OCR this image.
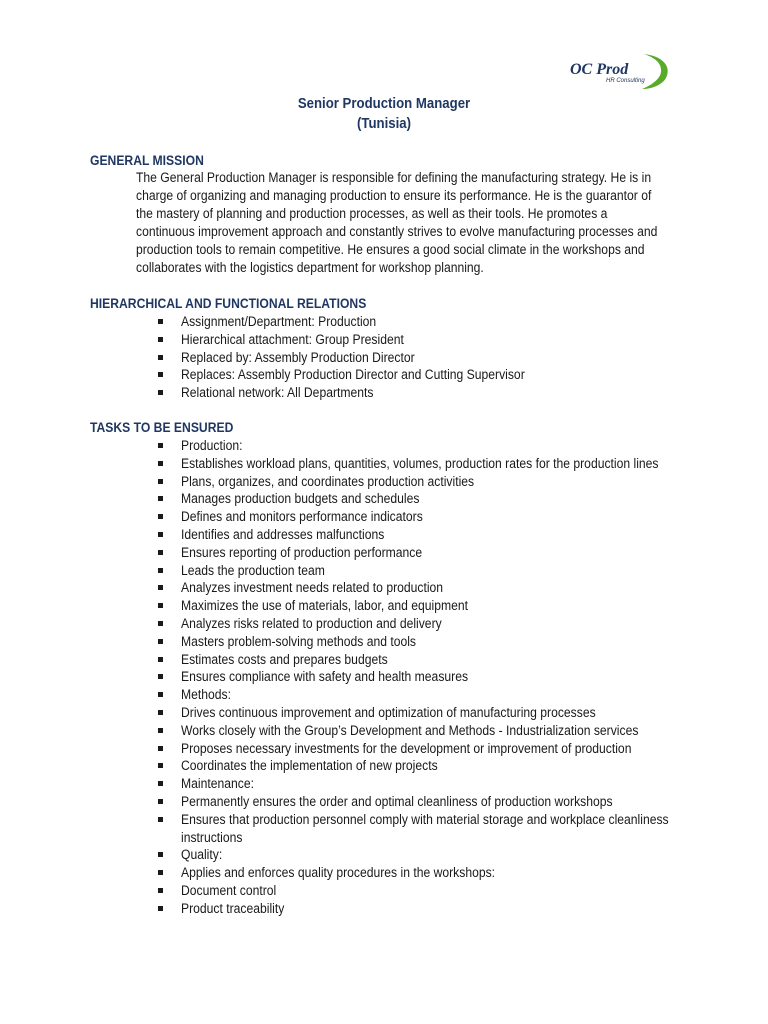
OC Prod
HR Consulting
Senior Production Manager
(Tunisia)
GENERAL MISSION

The General Production Manager is responsible for defining the manufacturing strategy. He is in

charge of organizing and managing production to ensure its performance. He is the guarantor of

the mastery of planning and production processes, as well as their tools. He promotes a

continuous improvement approach and constantly strives to evolve manufacturing processes and

production tools to remain competitive. He ensures a good social climate in the workshops and

collaborates with the logistics department for workshop planning.

HIERARCHICAL AND FUNCTIONAL RELATIONS
Assignment/Department: Production
Hierarchical attachment: Group President
Replaced by: Assembly Production Director
Replaces: Assembly Production Director and Cutting Supervisor
Relational network: All Departments
TASKS TO BE ENSURED
Production:
Establishes workload plans, quantities, volumes, production rates for the production lines
Plans, organizes, and coordinates production activities
Manages production budgets and schedules
Defines and monitors performance indicators
Identifies and addresses malfunctions
Ensures reporting of production performance
Leads the production team
Analyzes investment needs related to production
Maximizes the use of materials, labor, and equipment
Analyzes risks related to production and delivery
Masters problem-solving methods and tools
Estimates costs and prepares budgets
Ensures compliance with safety and health measures
Methods:
Drives continuous improvement and optimization of manufacturing processes
Works closely with the Group’s Development and Methods - Industrialization services
Proposes necessary investments for the development or improvement of production
Coordinates the implementation of new projects
Maintenance:
Permanently ensures the order and optimal cleanliness of production workshops
Ensures that production personnel comply with material storage and workplace cleanliness instructions
Quality:
Applies and enforces quality procedures in the workshops:
Document control
Product traceability
